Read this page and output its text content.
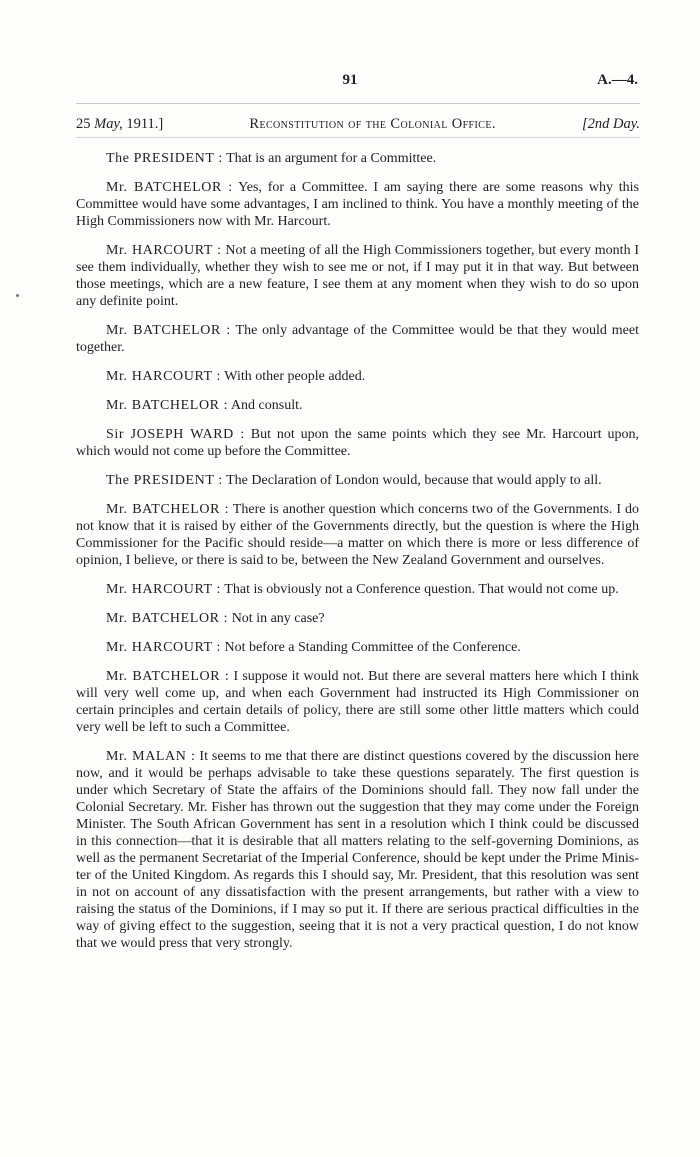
91	A.—4.
25 May, 1911.]	Reconstitution of the Colonial Office.	[2nd Day.

The PRESIDENT : That is an argument for a Committee.

Mr. BATCHELOR : Yes, for a Committee. I am saying there are some reasons why this Committee would have some advantages, I am inclined to think. You have a monthly meeting of the High Commissioners now with Mr. Harcourt.

Mr. HARCOURT : Not a meeting of all the High Commissioners together, but every month I see them individually, whether they wish to see me or not, if I may put it in that way. But between those meetings, which are a new feature, I see them at any moment when they wish to do so upon any definite point.

Mr. BATCHELOR : The only advantage of the Committee would be that they would meet together.

Mr. HARCOURT : With other people added.

Mr. BATCHELOR : And consult.

Sir JOSEPH WARD : But not upon the same points which they see Mr. Harcourt upon, which would not come up before the Committee.

The PRESIDENT : The Declaration of London would, because that would apply to all.

Mr. BATCHELOR : There is another question which concerns two of the Governments. I do not know that it is raised by either of the Governments directly, but the question is where the High Commissioner for the Pacific should reside—a matter on which there is more or less difference of opinion, I believe, or there is said to be, between the New Zealand Government and ourselves.

Mr. HARCOURT : That is obviously not a Conference question. That would not come up.

Mr. BATCHELOR : Not in any case?

Mr. HARCOURT : Not before a Standing Committee of the Conference.

Mr. BATCHELOR : I suppose it would not. But there are several matters here which I think will very well come up, and when each Government had instructed its High Commissioner on certain principles and certain details of policy, there are still some other little matters which could very well be left to such a Committee.

Mr. MALAN : It seems to me that there are distinct questions covered by the discussion here now, and it would be perhaps advisable to take these questions separately. The first question is under which Secretary of State the affairs of the Dominions should fall. They now fall under the Colonial Secretary. Mr. Fisher has thrown out the suggestion that they may come under the Foreign Minister. The South African Government has sent in a resolution which I think could be discussed in this connection—that it is desirable that all matters relating to the self-governing Dominions, as well as the permanent Secretariat of the Imperial Conference, should be kept under the Prime Minister of the United Kingdom. As regards this I should say, Mr. President, that this resolution was sent in not on account of any dissatisfaction with the present arrangements, but rather with a view to raising the status of the Dominions, if I may so put it. If there are serious practical difficulties in the way of giving effect to the suggestion, seeing that it is not a very practical question, I do not know that we would press that very strongly.
